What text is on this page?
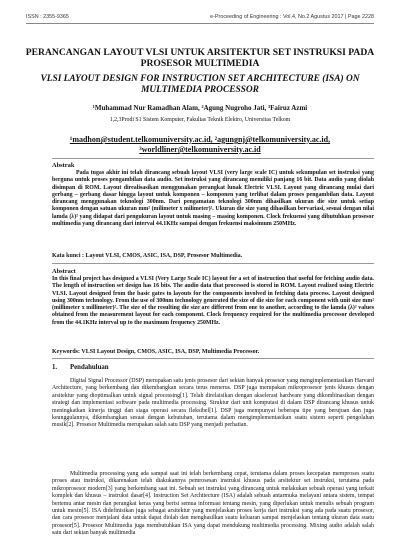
ISSN : 2355-9365	e-Proceeding of Engineering : Vol.4, No.2 Agustus 2017 | Page 2228
PERANCANGAN LAYOUT VLSI UNTUK ARSITEKTUR SET INSTRUKSI PADA PROSESOR MULTIMEDIA
VLSI LAYOUT DESIGN FOR INSTRUCTION SET ARCHITECTURE (ISA) ON MULTIMEDIA PROCESSOR
¹Muhammad Nur Ramadhan Alam, ²Agung Nugroho Jati, ³Fairuz Azmi
1,2,3Prodi S1 Sistem Komputer, Fakultas Teknik Elektro, Universitas Telkom
¹madhon@student.telkomuniversity.ac.id, ²agungnj@telkomuniversity.ac.id, ³worldliner@telkomuniversity.ac.id
Abstrak
Pada tugas akhir ini telah dirancang sebuah layout VLSI (very large scale IC) untuk sekumpulan set instruksi yang berguna untuk proses pengambilan data audio. Set instruksi yang dirancang memiliki panjang 16 bit. Data audio yang diolah disimpan di ROM. Layout direalisasikan menggunakan perangkat lunak Electric VLSI. Layout yang dirancang mulai dari gerbang – gerbang dasar hingga layout untuk komponen – komponen yang terlibat dalam proses pengambilan data. Layout dirancang menggunakan teknologi 300nm. Dari pengamatan teknologi 300nm dihasilkan ukuran die size untuk setiap komponen dengan satuan ukuran mm² (milimeter x milimeter)². Ukuran die size yang dihasilkan bervariasi, sesuai dengan nilai lamda (λ)² yang didapat dari pengukuran layout untuk masing – masing komponen. Clock frekuensi yang dibutuhkan prosesor multimedia yang dirancang dari interval 44.1KHz sampai dengan frekuensi maksimum 250MHz.
Kata kunci : Layout VLSI, CMOS, ASIC, ISA, DSP, Prosesor Multimedia.
Abstract
In this final project has designed a VLSI (Very Large Scale IC) layout for a set of instruction that useful for fetching audio data. The length of instruction set design has 16 bits. The audio data that processed is stored in ROM. Layout realized using Electric VLSI. Layout designed from the basic gates to layouts for the components involved in fetching data process. Layout designed using 300nm technology. From the use of 300nm technology generated the size of die size for each component with unit size mm² (millimeter x millimeter)². The size of the resulting die size are different from one to another, according to the lamda (λ)² values obtained from the measurement layout for each component. Clock frequency required for the multimedia processor developed from the 44.1KHz interval up to the maximum frequency 250MHz.
Keywords: VLSI Layout Design, CMOS, ASIC, ISA, DSP, Multimedia Processor.
1. Pendahuluan
Digital Signal Processor (DSP) merupakan satu jenis prosesor dari sekian banyak prosesor yang mengimplementasikan Harvard Architecture, yang berkembang dan dikembangkan secara terus menerus. DSP juga merupakan mikroprosesor jenis khusus dengan arsitektur yang dioptimalkan untuk signal processing[1]. Telah direlaisikan dengan akselerasi hardware yang dikombinasikan dengan strategi dan implementasi software pada multimedia processing. Struktur dari unit komputasi di dalam DSP dirancang khusus untuk meningkatkan kinerja tinggi dan siaga operasi secara fleksibel[1]. DSP juga mempunyai beberapa tipe yang berujuan dan juga keunggulannya, dikembangkan sesuai dengan kebutuhan, terutama dalam mengimplementasikan suatu sistem seperti pengolahan musik[2]. Prosesor Multimedia merupakan salah satu DSP yang menjadi perhatian.
Multimedia processing yang ada sampai saat ini telah berkembang cepat, terutama dalam proses kecepatan memproses suatu proses atau instruksi, dikarenakan telah diakukannya pemrosesan instruksi khusus pada arsitektur set instruksi, terutama pada mikroprosesor modern[3] yang berkembang saat ini. Sebuah set instruksi yang dirancang untuk melakukan sebuah operasi yang terkait komplek dan khusus – instruksi dasar[4]. Instruction Set Architecture (ISA) adalah sebuah antarmuka melayani antara sistem, tempat bertemu antar mesin dan perangkat keras yang berisi semua informasi tentang mesin, yang diperlukan untuk menulis sebuah program untuk mesin[5]. ISA didefinisikan juga sebagai arsitektur yang menjelaskan proses kerja dari instruksi yang ada pada suatu prosesor, dan cara prosesor menjalani data untuk dapat diolah dan menghasilkan suatu keluaran sampai menjelaskan tentang ukuran data suatu prosesor[5]. Prosesor Multimedia juga membutuhkan ISA yang dapat mendukung multimedia processing. Mixing audio adalah salah satu dari sekian banyak multimedia
